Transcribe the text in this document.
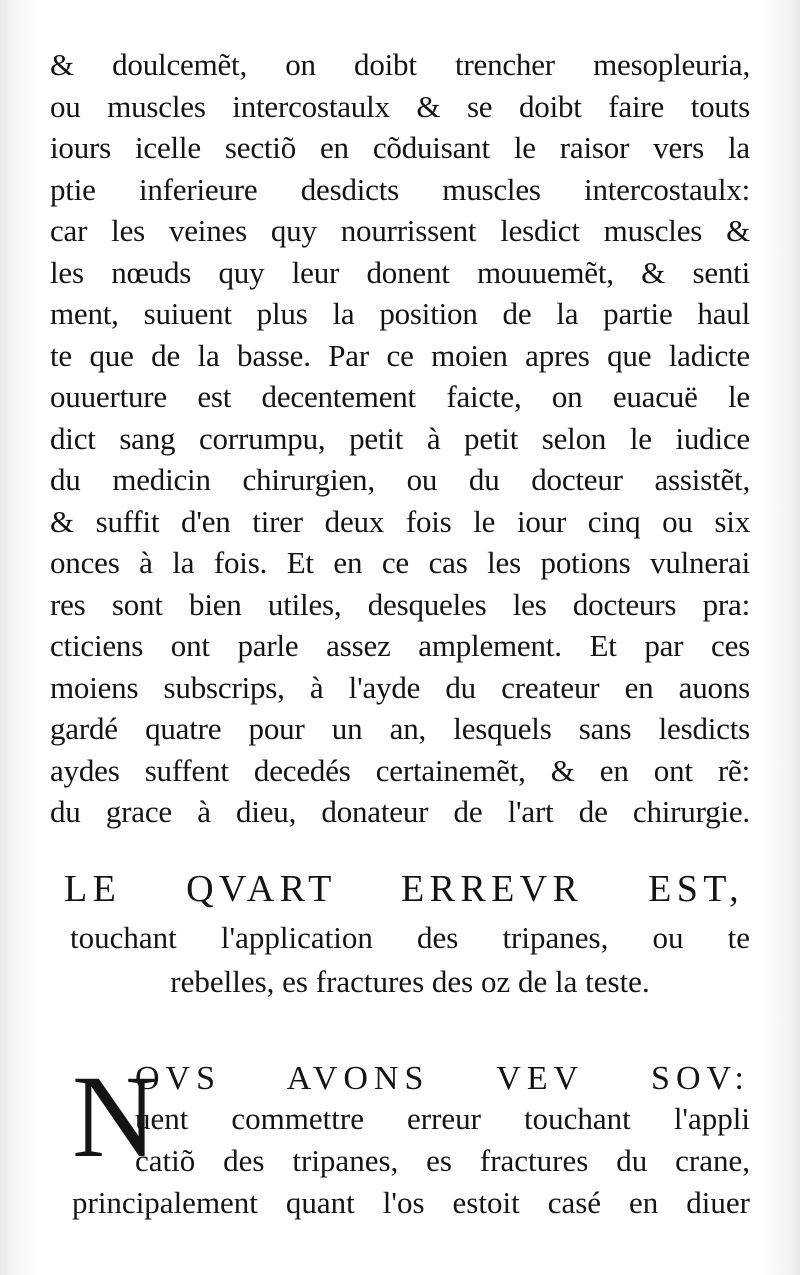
& doulcemẽt, on doibt trencher mesopleuria,
ou muscles intercostaulx & se doibt faire touts
iours icelle sectiõ en cõduisant le raisor vers la
ptie inferieure desdicts muscles intercostaulx:
car les veines quy nourrissent lesdict muscles &
les nœuds quy leur donent mouuemẽt, & senti
ment, suiuent plus la position de la partie haul
te que de la basse. Par ce moien apres que ladicte
ouuerture est decentement faicte, on euacuë le
dict sang corrumpu, petit à petit selon le iudice
du medicin chirurgien, ou du docteur assistẽt,
& suffit d'en tirer deux fois le iour cinq ou six
onces à la fois. Et en ce cas les potions vulnerai
res sont bien utiles, desqueles les docteurs pra:
cticiens ont parle assez amplement. Et par ces
moiens subscrips, à l'ayde du createur en auons
gardé quatre pour un an, lesquels sans lesdicts
aydes suffent decedés certainemẽt, & en ont rẽ:
du grace à dieu, donateur de l'art de chirurgie.
LE QVART ERREVR EST,
touchant l'application des tripanes, ou te
rebelles, es fractures des oz de la teste.
N
OVS AVONS VEV SOV:
uent commettre erreur touchant l'appli
catiõ des tripanes, es fractures du crane,
principalement quant l'os estoit casé en diuer
